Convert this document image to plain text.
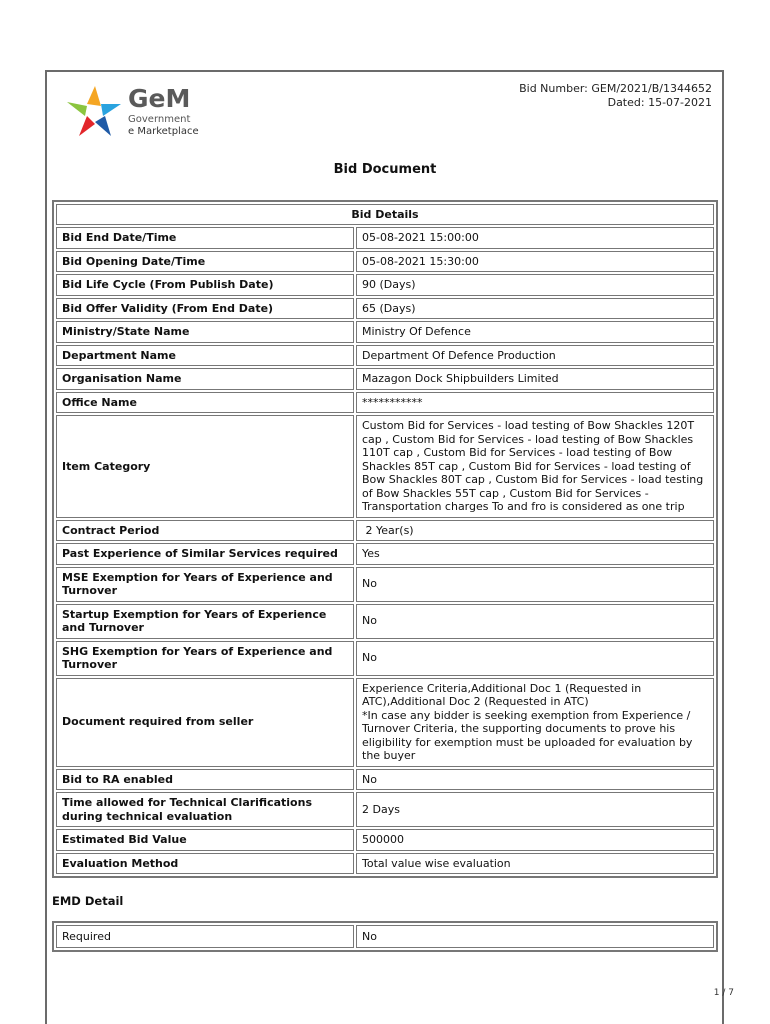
GeM
Government
e Marketplace
Bid Number: GEM/2021/B/1344652
Dated: 15-07-2021
Bid Document
Bid Details	
Bid End Date/Time	05-08-2021 15:00:00
Bid Opening Date/Time	05-08-2021 15:30:00
Bid Life Cycle (From Publish Date)	90 (Days)
Bid Offer Validity (From End Date)	65 (Days)
Ministry/State Name	Ministry Of Defence
Department Name	Department Of Defence Production
Organisation Name	Mazagon Dock Shipbuilders Limited
Office Name	***********
Item Category	Custom Bid for Services - load testing of Bow Shackles 120T cap , Custom Bid for Services - load testing of Bow Shackles 110T cap , Custom Bid for Services - load testing of Bow Shackles 85T cap , Custom Bid for Services - load testing of Bow Shackles 80T cap , Custom Bid for Services - load testing of Bow Shackles 55T cap , Custom Bid for Services - Transportation charges To and fro is considered as one trip
Contract Period	2 Year(s)
Past Experience of Similar Services required	Yes
MSE Exemption for Years of Experience and Turnover	No
Startup Exemption for Years of Experience and Turnover	No
SHG Exemption for Years of Experience and Turnover	No
Document required from seller	Experience Criteria,Additional Doc 1 (Requested in ATC),Additional Doc 2 (Requested in ATC)
*In case any bidder is seeking exemption from Experience / Turnover Criteria, the supporting documents to prove his eligibility for exemption must be uploaded for evaluation by the buyer

Bid to RA enabled	No
Time allowed for Technical Clarifications during technical evaluation	2 Days
Estimated Bid Value	500000
Evaluation Method	Total value wise evaluation
EMD Detail
Required	No
1 / 7
